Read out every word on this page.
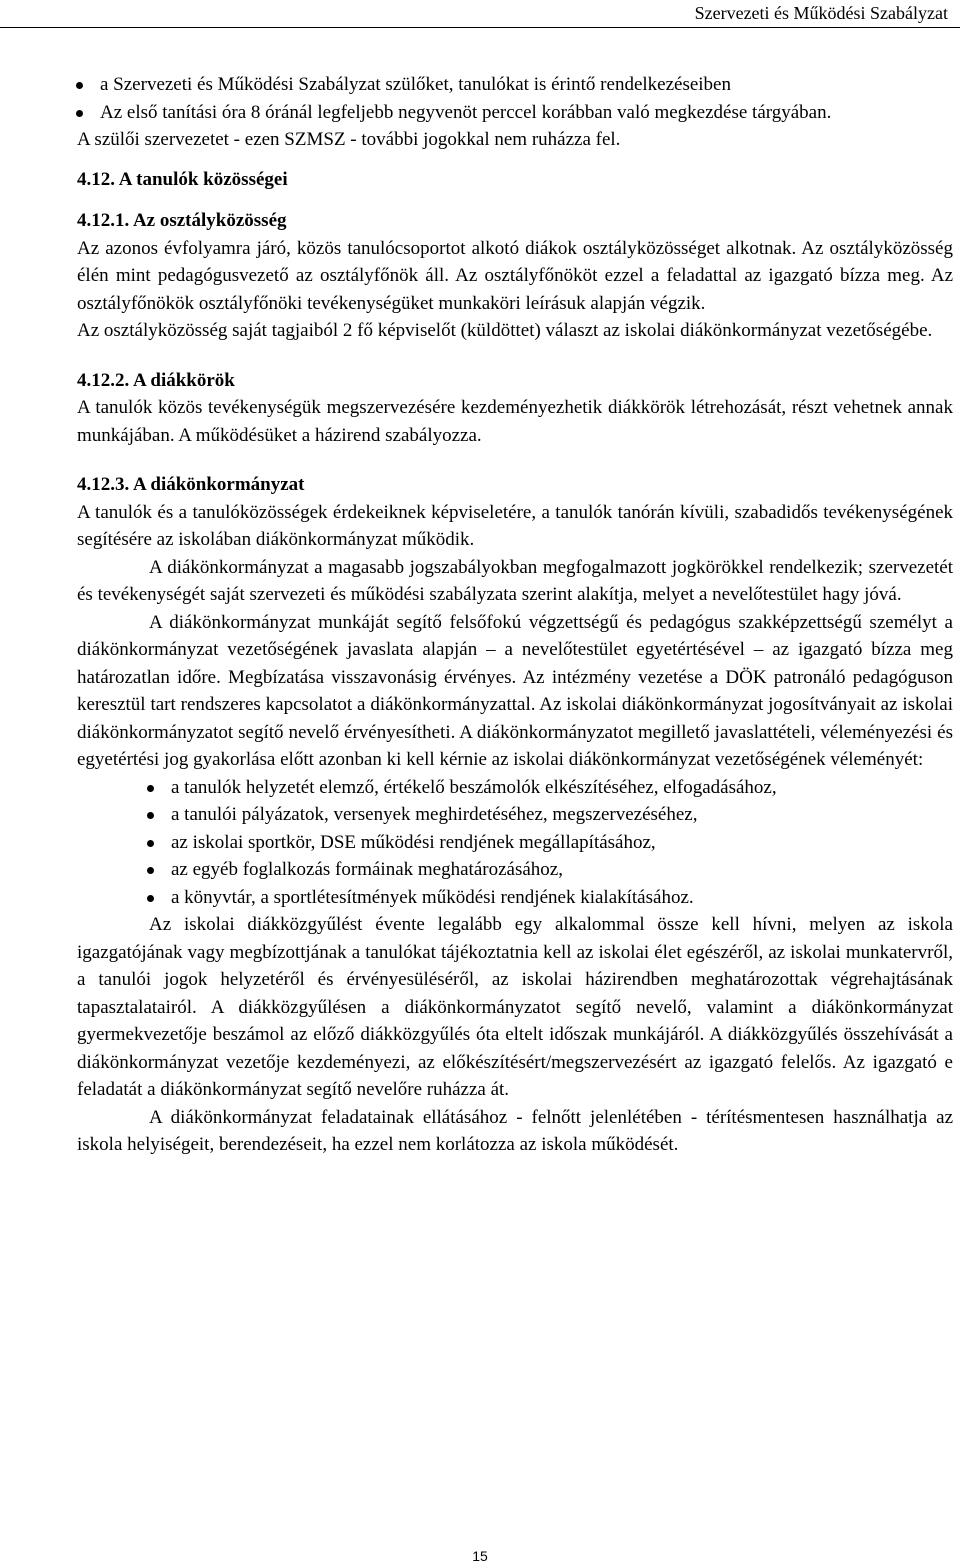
Szervezeti és Működési Szabályzat
a Szervezeti és Működési Szabályzat szülőket, tanulókat is érintő rendelkezéseiben
Az első tanítási óra 8 óránál legfeljebb negyvenöt perccel korábban való megkezdése tárgyában.

A szülői szervezetet - ezen SZMSZ - további jogokkal nem ruházza fel.

4.12. A tanulók közösségei

4.12.1. Az osztályközösség

Az azonos évfolyamra járó, közös tanulócsoportot alkotó diákok osztályközösséget alkotnak. Az osztályközösség élén mint pedagógusvezető az osztályfőnök áll. Az osztályfőnököt ezzel a feladattal az igazgató bízza meg. Az osztályfőnökök osztályfőnöki tevékenységüket munkaköri leírásuk alapján végzik.

Az osztályközösség saját tagjaiból 2 fő képviselőt (küldöttet) választ az iskolai diákönkormányzat vezetőségébe.

4.12.2. A diákkörök

A tanulók közös tevékenységük megszervezésére kezdeményezhetik diákkörök létrehozását, részt vehetnek annak munkájában. A működésüket a házirend szabályozza.

4.12.3. A diákönkormányzat

A tanulók és a tanulóközösségek érdekeiknek képviseletére, a tanulók tanórán kívüli, szabadidős tevékenységének segítésére az iskolában diákönkormányzat működik.

A diákönkormányzat a magasabb jogszabályokban megfogalmazott jogkörökkel rendelkezik; szervezetét és tevékenységét saját szervezeti és működési szabályzata szerint alakítja, melyet a nevelőtestület hagy jóvá.

A diákönkormányzat munkáját segítő felsőfokú végzettségű és pedagógus szakképzettségű személyt a diákönkormányzat vezetőségének javaslata alapján – a nevelőtestület egyetértésével – az igazgató bízza meg határozatlan időre. Megbízatása visszavonásig érvényes. Az intézmény vezetése a DÖK patronáló pedagóguson keresztül tart rendszeres kapcsolatot a diákönkormányzattal. Az iskolai diákönkormányzat jogosítványait az iskolai diákönkormányzatot segítő nevelő érvényesítheti. A diákönkormányzatot megillető javaslattételi, véleményezési és egyetértési jog gyakorlása előtt azonban ki kell kérnie az iskolai diákönkormányzat vezetőségének véleményét:

a tanulók helyzetét elemző, értékelő beszámolók elkészítéséhez, elfogadásához,
a tanulói pályázatok, versenyek meghirdetéséhez, megszervezéséhez,
az iskolai sportkör, DSE működési rendjének megállapításához,
az egyéb foglalkozás formáinak meghatározásához,
a könyvtár, a sportlétesítmények működési rendjének kialakításához.

Az iskolai diákközgyűlést évente legalább egy alkalommal össze kell hívni, melyen az iskola igazgatójának vagy megbízottjának a tanulókat tájékoztatnia kell az iskolai élet egészéről, az iskolai munkatervről, a tanulói jogok helyzetéről és érvényesüléséről, az iskolai házirendben meghatározottak végrehajtásának tapasztalatairól. A diákközgyűlésen a diákönkormányzatot segítő nevelő, valamint a diákönkormányzat gyermekvezetője beszámol az előző diákközgyűlés óta eltelt időszak munkájáról. A diákközgyűlés összehívását a diákönkormányzat vezetője kezdeményezi, az előkészítésért/megszervezésért az igazgató felelős. Az igazgató e feladatát a diákönkormányzat segítő nevelőre ruházza át.

A diákönkormányzat feladatainak ellátásához - felnőtt jelenlétében - térítésmentesen használhatja az iskola helyiségeit, berendezéseit, ha ezzel nem korlátozza az iskola működését.

15
